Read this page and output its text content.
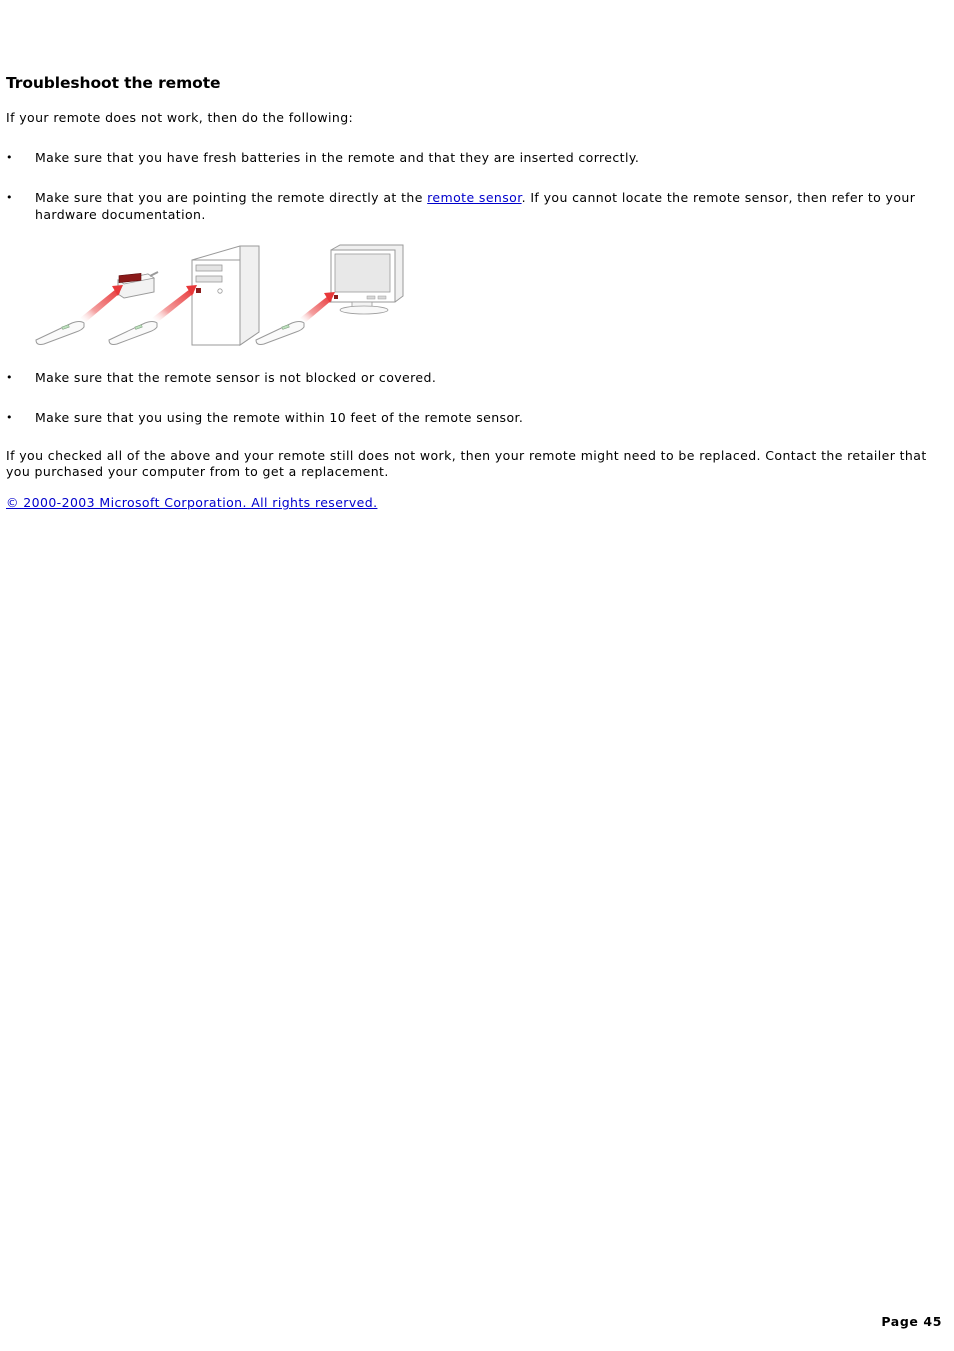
Troubleshoot the remote

If your remote does not work, then do the following:

• Make sure that you have fresh batteries in the remote and that they are inserted correctly.
• Make sure that you are pointing the remote directly at the remote sensor. If you cannot locate the remote sensor, then refer to your hardware documentation.
• Make sure that the remote sensor is not blocked or covered.
• Make sure that you using the remote within 10 feet of the remote sensor.

If you checked all of the above and your remote still does not work, then your remote might need to be replaced. Contact the retailer that you purchased your computer from to get a replacement.

© 2000-2003 Microsoft Corporation. All rights reserved.
Page 45
